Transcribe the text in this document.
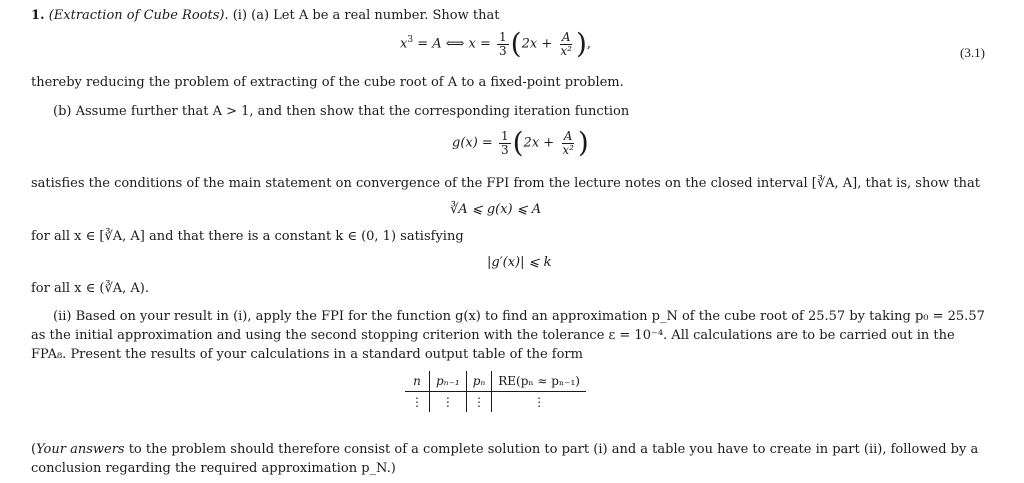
1. (Extraction of Cube Roots). (i) (a) Let A be a real number. Show that
$x^3 = A$ ⟺ $x = \frac{1}{3} (2x + \frac{A}{\text{x²}}$ ),
(3.1)
thereby reducing the problem of extracting of the cube root of A to a fixed-point problem.
(b) Assume further that A > 1, and then show that the corresponding iteration function
$g(x) = \frac{1}{3} (2x + \frac{A}{\text{x²}}$ )
satisfies the conditions of the main statement on convergence of the FPI from the lecture notes on the closed interval [∛A, A], that is, show that
∛A ⩽ g(x) ⩽ A
for all x ∈ [∛A, A] and that there is a constant k ∈ (0, 1) satisfying
|g′(x)| ⩽ k
for all x ∈ (∛A, A).
(ii) Based on your result in (i), apply the FPI for the function g(x) to find an approximation p_N of the cube root of 25.57 by taking p₀ = 25.57
as the initial approximation and using the second stopping criterion with the tolerance ε = 10⁻⁴. All calculations are to be carried out in the
FPA₈. Present the results of your calculations in a standard output table of the form
n	pₙ₋₁	pₙ	RE(pₙ ≈ pₙ₋₁)
⋮	⋮	⋮	⋮
(Your answers to the problem should therefore consist of a complete solution to part (i) and a table you have to create in part (ii), followed by a
conclusion regarding the required approximation p_N.)
